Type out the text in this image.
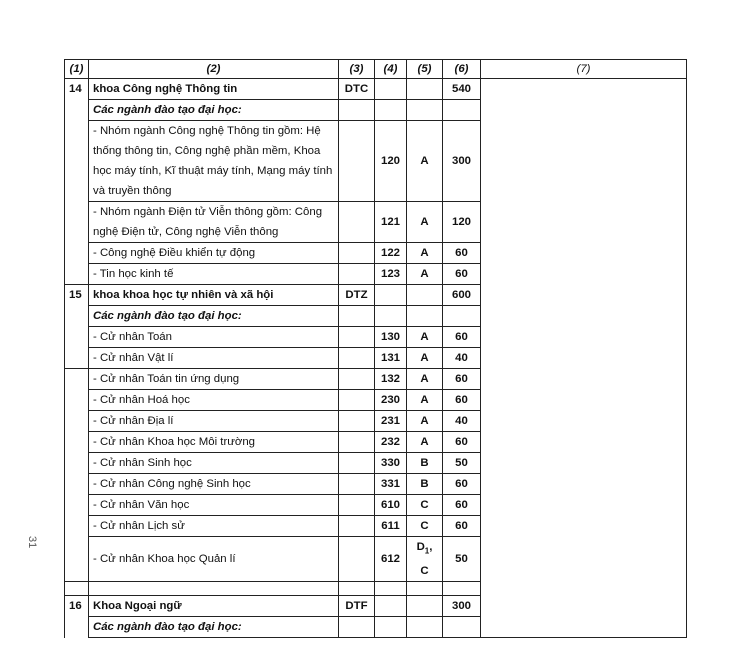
31
(1)	(2)	(3)	(4)	(5)	(6)	(7)
14	khoa Công nghệ Thông tin	DTC			540	
	Các ngành đào tạo đại học:					
	- Nhóm ngành Công nghệ Thông tin gồm: Hệ thống thông tin, Công nghệ phần mềm, Khoa học máy tính, Kĩ thuật máy tính, Mạng máy tính và truyền thông		120	A	300	
	- Nhóm ngành Điện tử Viễn thông gồm: Công nghệ Điện tử, Công nghệ Viễn thông		121	A	120	
	- Công nghệ Điều khiển tự động		122	A	60	
	- Tin học kinh tế		123	A	60	
15	khoa khoa học tự nhiên và xã hội	DTZ			600	
	Các ngành đào tạo đại học:					
	- Cử nhân Toán		130	A	60	
	- Cử nhân Vật lí		131	A	40	
	- Cử nhân Toán tin ứng dụng		132	A	60	
	- Cử nhân Hoá học		230	A	60	
	- Cử nhân Địa lí		231	A	40	
	- Cử nhân Khoa học Môi trường		232	A	60	
	- Cử nhân Sinh học		330	B	50	
	- Cử nhân Công nghệ Sinh học		331	B	60	
	- Cử nhân Văn học		610	C	60	
	- Cử nhân Lịch sử		611	C	60	
	- Cử nhân Khoa học Quản lí		612	$D_1$, C	50	

16	Khoa Ngoại ngữ	DTF			300	
	Các ngành đào tạo đại học:					
